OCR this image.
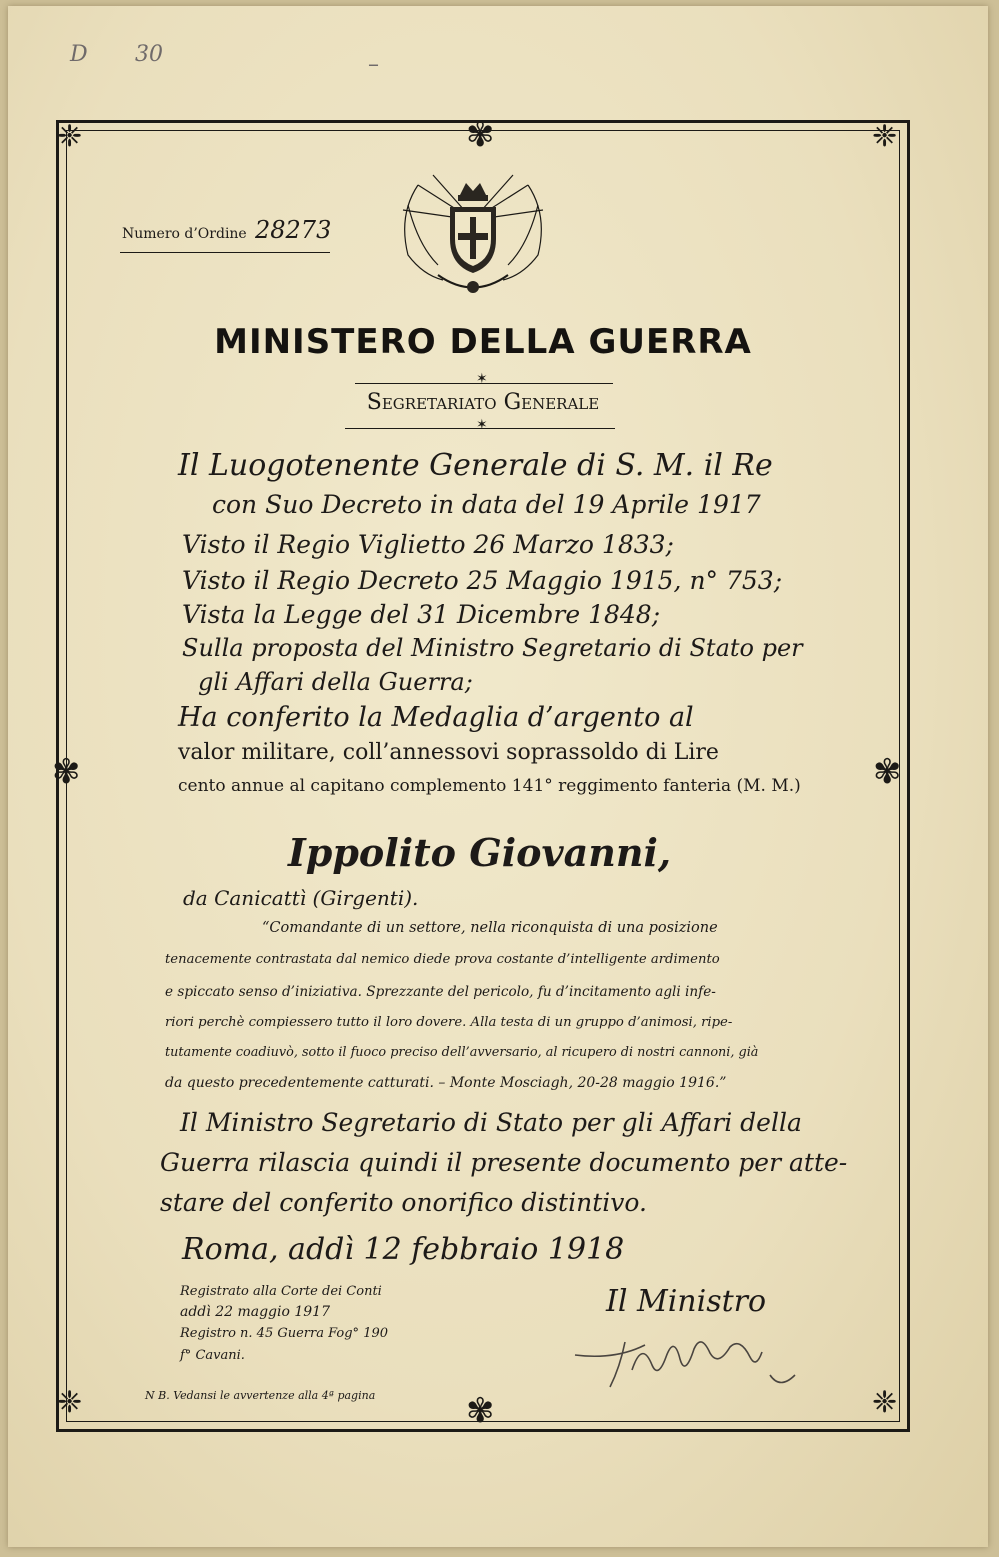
D 30	–
❈	❈
❈	❈
✾
✾
✾	✾
Numero d’Ordine 28273
MINISTERO DELLA GUERRA
Segretariato Generale
✶
✶
Il Luogotenente Generale di S. M. il Re
con Suo Decreto in data del 19 Aprile 1917
Visto il Regio Viglietto 26 Marzo 1833;
Visto il Regio Decreto 25 Maggio 1915, n° 753;
Vista la Legge del 31 Dicembre 1848;
Sulla proposta del Ministro Segretario di Stato per
gli Affari della Guerra;
Ha conferito la Medaglia d’argento al
valor militare, coll’annessovi soprassoldo di Lire
cento annue al capitano complemento 141° reggimento fanteria (M. M.)
Ippolito Giovanni,
da Canicattì (Girgenti).
“Comandante di un settore, nella riconquista di una posizione
tenacemente contrastata dal nemico diede prova costante d’intelligente ardimento
e spiccato senso d’iniziativa. Sprezzante del pericolo, fu d’incitamento agli infe-
riori perchè compiessero tutto il loro dovere. Alla testa di un gruppo d’animosi, ripe-
tutamente coadiuvò, sotto il fuoco preciso dell’avversario, al ricupero di nostri cannoni, già
da questo precedentemente catturati. – Monte Mosciagh, 20-28 maggio 1916.”
Il Ministro Segretario di Stato per gli Affari della
Guerra rilascia quindi il presente documento per atte-
stare del conferito onorifico distintivo.
Roma, addì 12 febbraio 1918
Registrato alla Corte dei Conti
addì 22 maggio 1917
Registro n. 45 Guerra Fog° 190
f° Cavani.
Il Ministro
N B. Vedansi le avvertenze alla 4ª pagina
